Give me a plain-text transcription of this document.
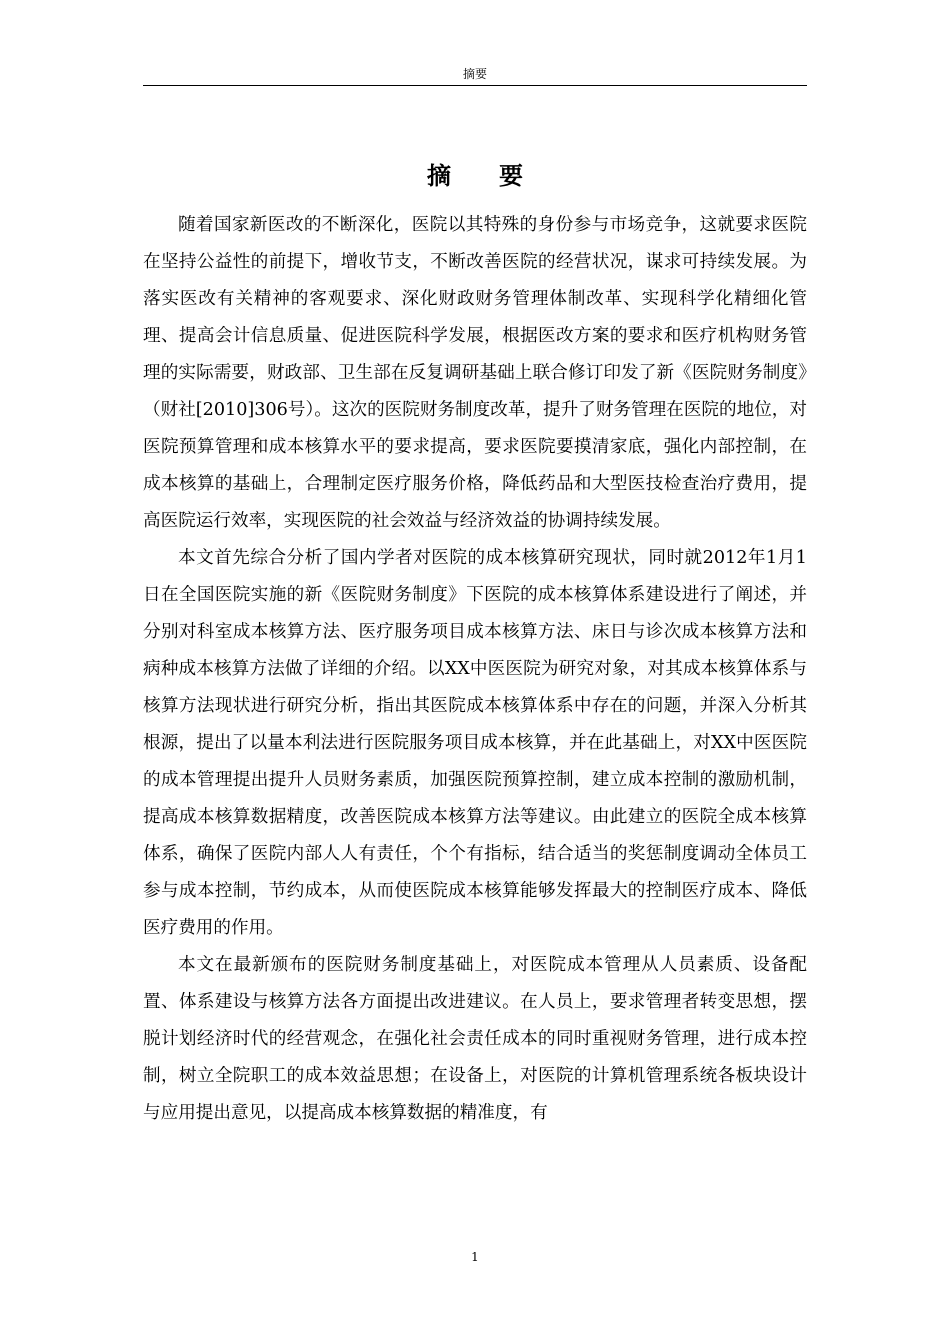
摘要
摘要

随着国家新医改的不断深化，医院以其特殊的身份参与市场竞争，这就要求医院在坚持公益性的前提下，增收节支，不断改善医院的经营状况，谋求可持续发展。为落实医改有关精神的客观要求、深化财政财务管理体制改革、实现科学化精细化管理、提高会计信息质量、促进医院科学发展，根据医改方案的要求和医疗机构财务管理的实际需要，财政部、卫生部在反复调研基础上联合修订印发了新《医院财务制度》（财社[2010]306号）。这次的医院财务制度改革，提升了财务管理在医院的地位，对医院预算管理和成本核算水平的要求提高，要求医院要摸清家底，强化内部控制，在成本核算的基础上，合理制定医疗服务价格，降低药品和大型医技检查治疗费用，提高医院运行效率，实现医院的社会效益与经济效益的协调持续发展。

本文首先综合分析了国内学者对医院的成本核算研究现状，同时就2012年1月1日在全国医院实施的新《医院财务制度》下医院的成本核算体系建设进行了阐述，并分别对科室成本核算方法、医疗服务项目成本核算方法、床日与诊次成本核算方法和病种成本核算方法做了详细的介绍。以XX中医医院为研究对象，对其成本核算体系与核算方法现状进行研究分析，指出其医院成本核算体系中存在的问题，并深入分析其根源，提出了以量本利法进行医院服务项目成本核算，并在此基础上，对XX中医医院的成本管理提出提升人员财务素质，加强医院预算控制，建立成本控制的激励机制，提高成本核算数据精度，改善医院成本核算方法等建议。由此建立的医院全成本核算体系，确保了医院内部人人有责任，个个有指标，结合适当的奖惩制度调动全体员工参与成本控制，节约成本，从而使医院成本核算能够发挥最大的控制医疗成本、降低医疗费用的作用。

本文在最新颁布的医院财务制度基础上，对医院成本管理从人员素质、设备配置、体系建设与核算方法各方面提出改进建议。在人员上，要求管理者转变思想，摆脱计划经济时代的经营观念，在强化社会责任成本的同时重视财务管理，进行成本控制，树立全院职工的成本效益思想；在设备上，对医院的计算机管理系统各板块设计与应用提出意见，以提高成本核算数据的精准度，有

1
